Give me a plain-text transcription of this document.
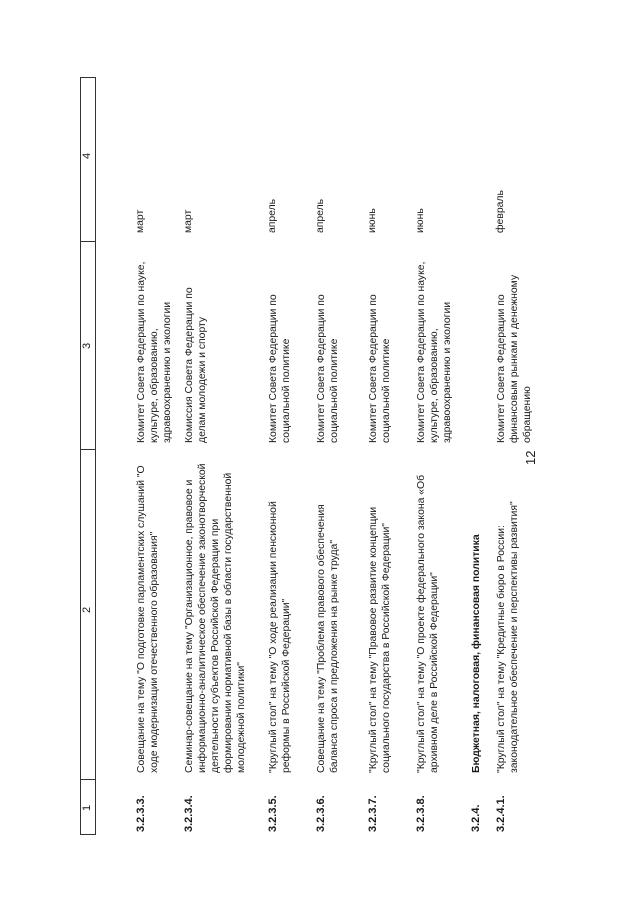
1
2
3
4
3.2.3.3.
Совещание на тему "О подготовке парламентских слушаний "О ходе модернизации отечественного образования"
Комитет Совета Федерации по науке, культуре, образованию, здравоохранению и экологии
март
3.2.3.4.
Семинар-совещание на тему "Организационное, правовое и информационно-аналитическое обеспечение законотворческой деятельности субъектов Российской Федерации при формировании нормативной базы в области государственной молодежной политики"
Комиссия Совета Федерации по делам молодежи и спорту
март
3.2.3.5.
"Круглый стол" на тему "О ходе реализации пенсионной реформы в Российской Федерации"
Комитет Совета Федерации по социальной политике
апрель
3.2.3.6.
Совещание на тему "Проблема правового обеспечения баланса спроса и предложения на рынке труда"
Комитет Совета Федерации по социальной политике
апрель
3.2.3.7.
"Круглый стол" на тему "Правовое развитие концепции социального государства в Российской Федерации"
Комитет Совета Федерации по социальной политике
июнь
3.2.3.8.
"Круглый стол" на тему "О проекте федерального закона «Об архивном деле в Российской Федерации"
Комитет Совета Федерации по науке, культуре, образованию, здравоохранению и экологии
июнь
3.2.4.
Бюджетная, налоговая, финансовая политика
3.2.4.1.
"Круглый стол" на тему "Кредитные бюро в России: законодательное обеспечение и перспективы развития"
Комитет Совета Федерации по финансовым рынкам и денежному обращению
февраль
12
